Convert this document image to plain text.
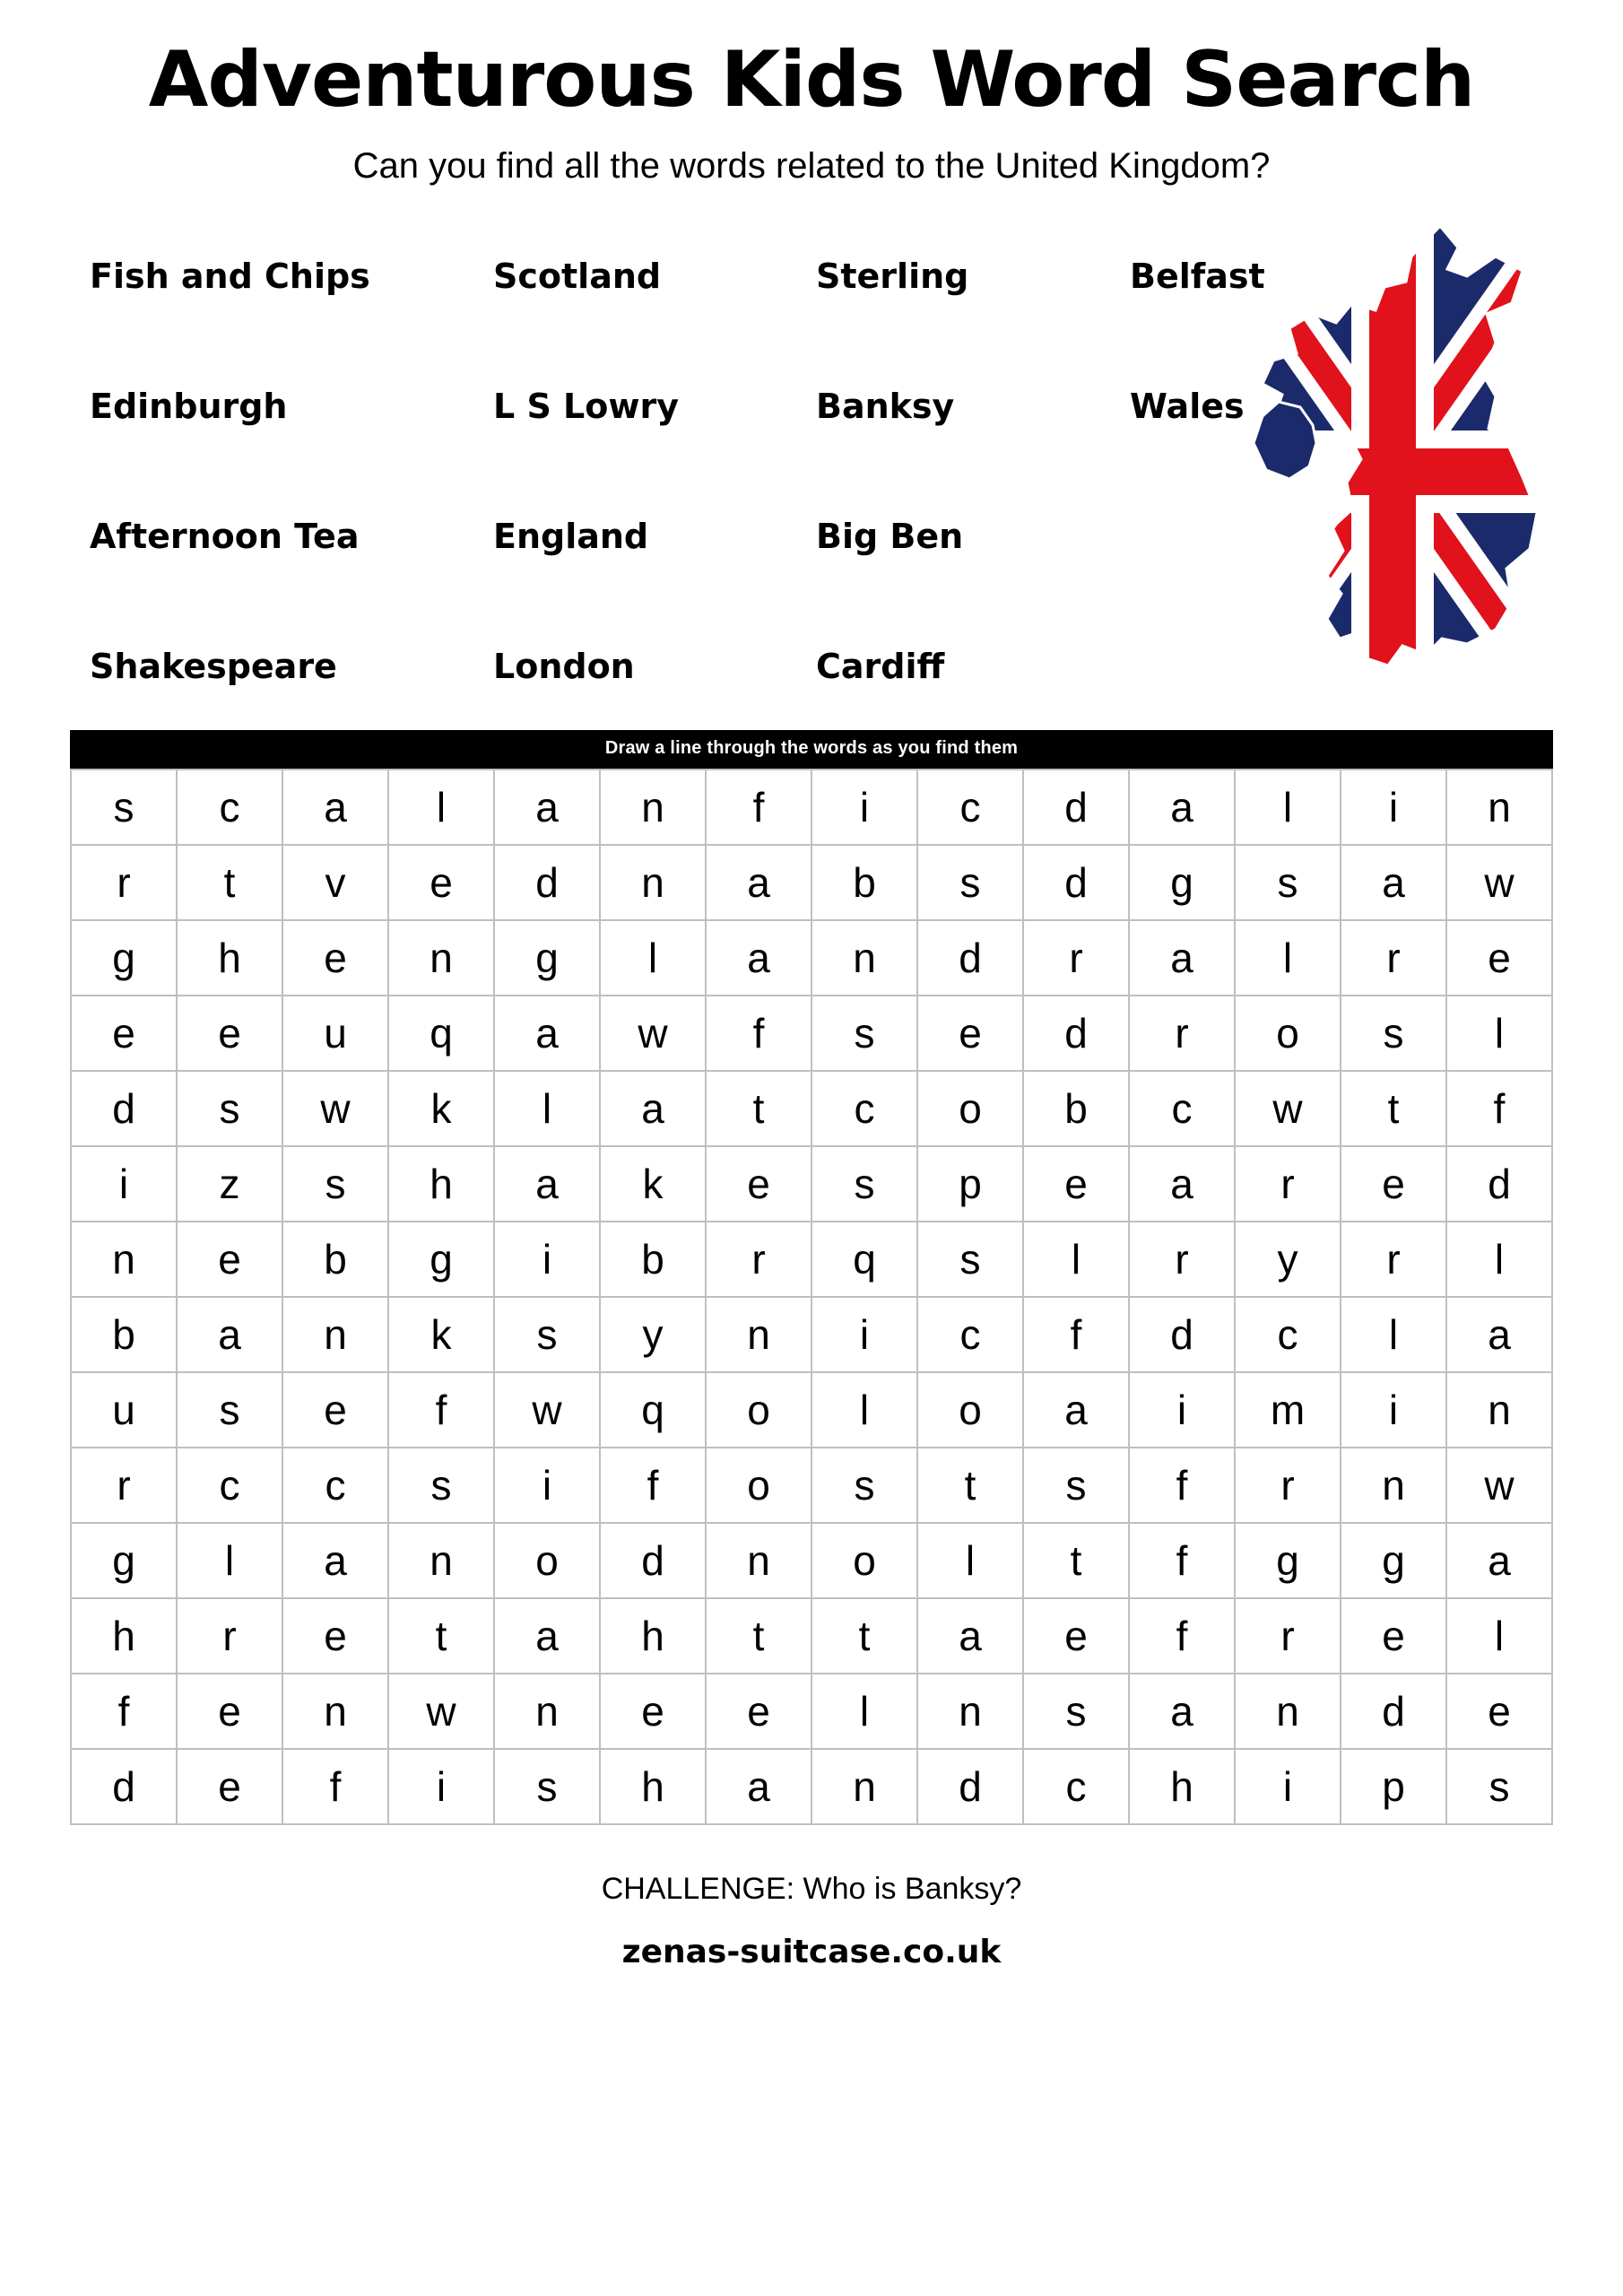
Adventurous Kids Word Search

Can you find all the words related to the United Kingdom?

Fish and Chips	Scotland	Sterling	Belfast
Edinburgh	L S Lowry	Banksy	Wales
Afternoon Tea	England	Big Ben
Shakespeare	London	Cardiff
Draw a line through the words as you find them
s	c	a	l	a	n	f	i	c	d	a	l	i	n
r	t	v	e	d	n	a	b	s	d	g	s	a	w
g	h	e	n	g	l	a	n	d	r	a	l	r	e
e	e	u	q	a	w	f	s	e	d	r	o	s	l
d	s	w	k	l	a	t	c	o	b	c	w	t	f
i	z	s	h	a	k	e	s	p	e	a	r	e	d
n	e	b	g	i	b	r	q	s	l	r	y	r	l
b	a	n	k	s	y	n	i	c	f	d	c	l	a
u	s	e	f	w	q	o	l	o	a	i	m	i	n
r	c	c	s	i	f	o	s	t	s	f	r	n	w
g	l	a	n	o	d	n	o	l	t	f	g	g	a
h	r	e	t	a	h	t	t	a	e	f	r	e	l
f	e	n	w	n	e	e	l	n	s	a	n	d	e
d	e	f	i	s	h	a	n	d	c	h	i	p	s
CHALLENGE: Who is Banksy?
zenas-suitcase.co.uk
